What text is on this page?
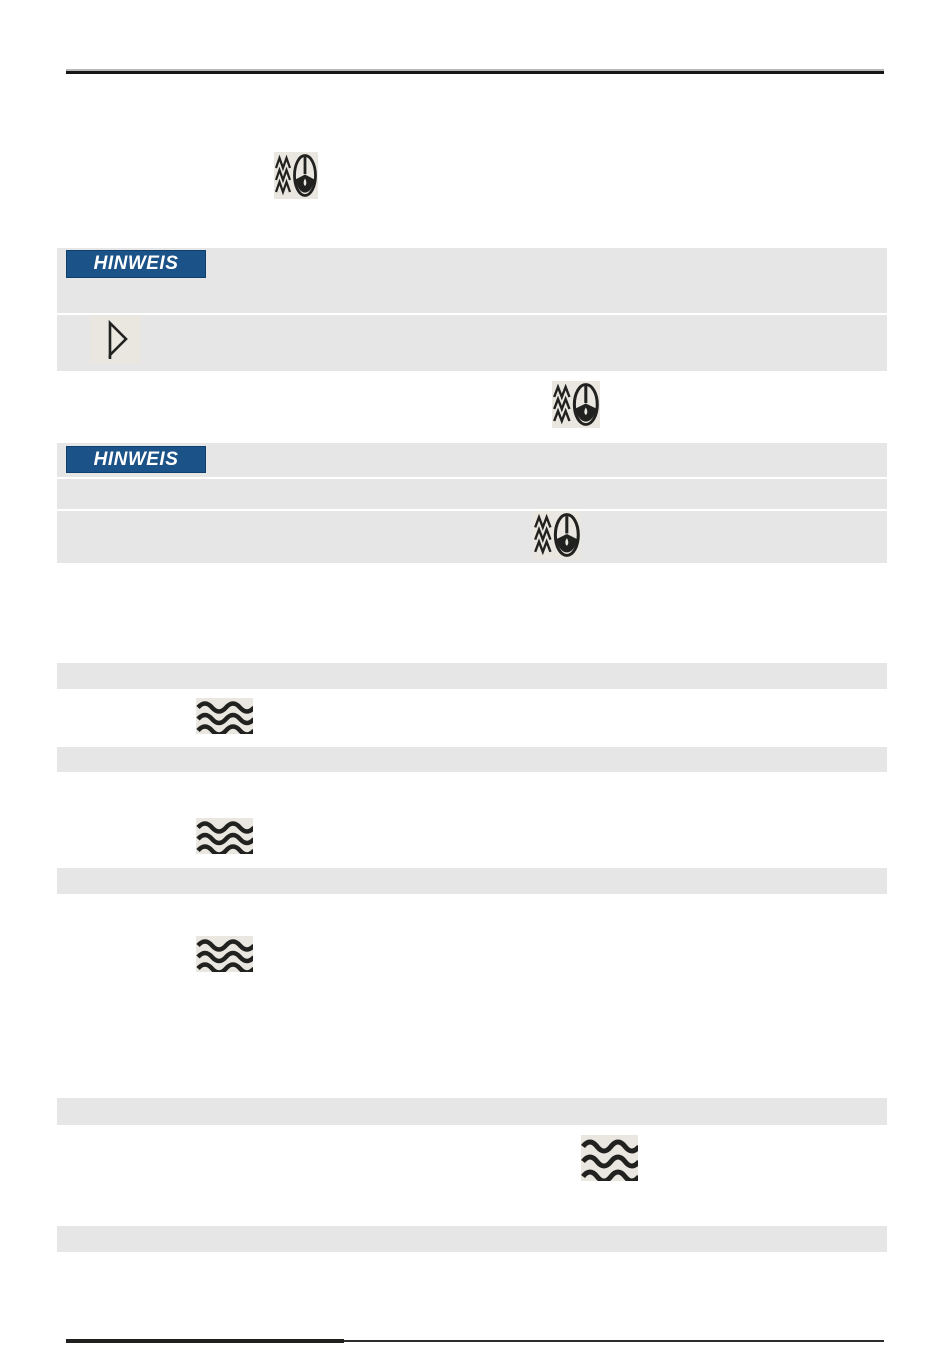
HINWEIS
HINWEIS
